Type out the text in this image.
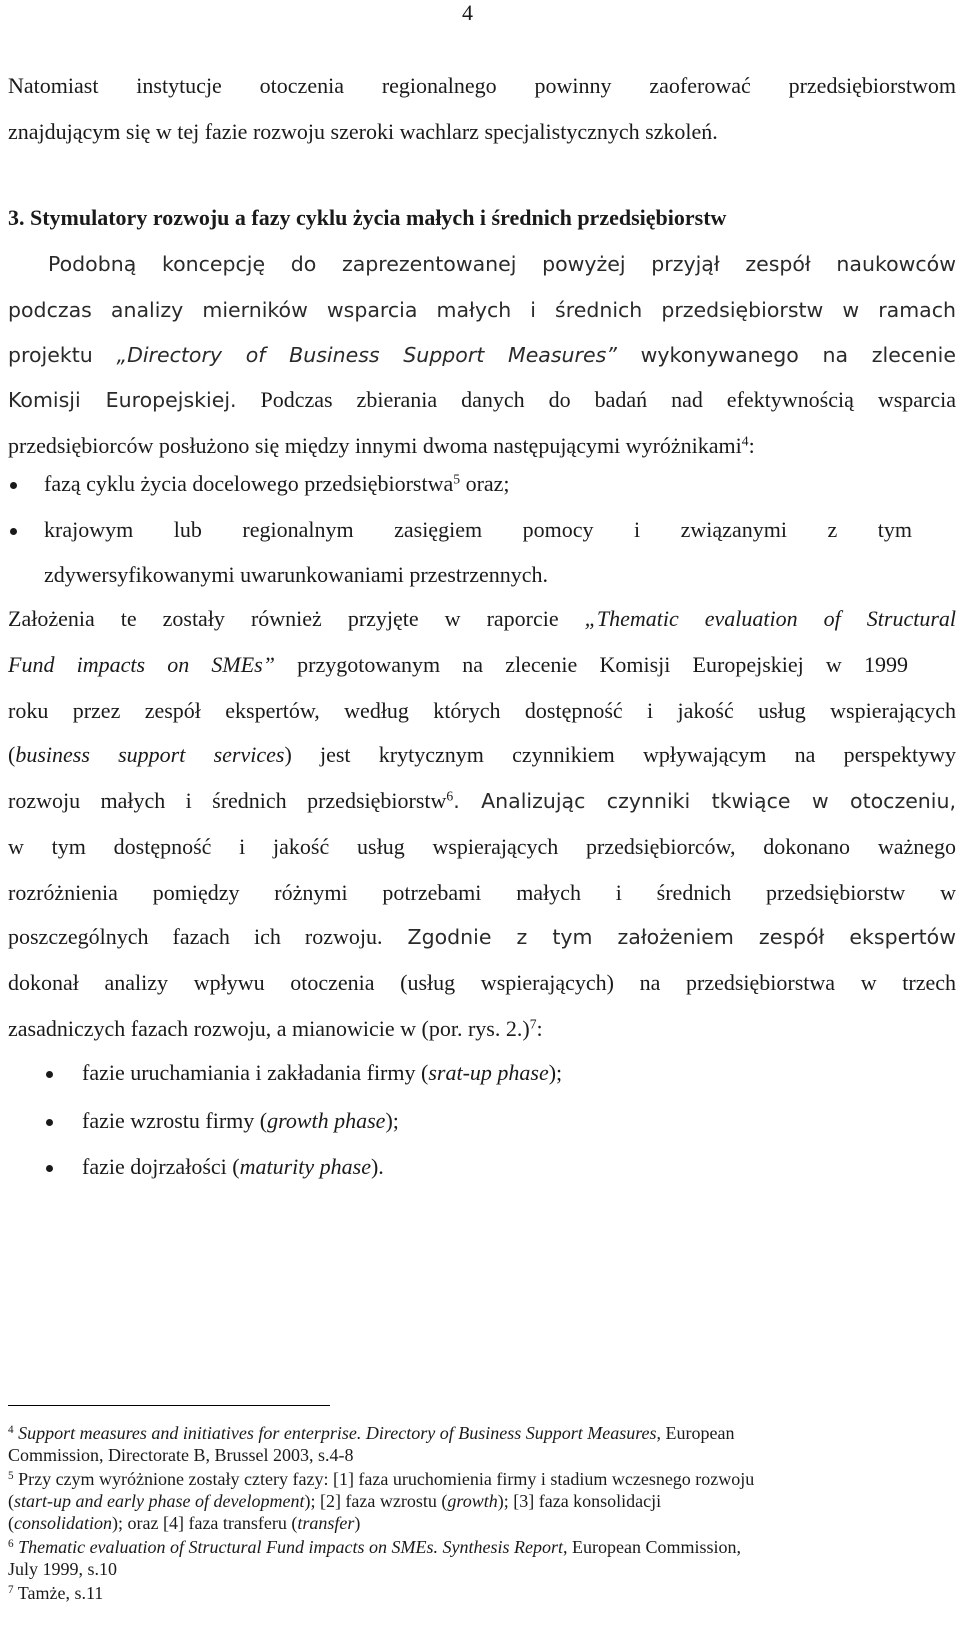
4
Natomiast instytucje otoczenia regionalnego powinny zaoferować przedsiębiorstwom
znajdującym się w tej fazie rozwoju szeroki wachlarz specjalistycznych szkoleń.
3. Stymulatory rozwoju a fazy cyklu życia małych i średnich przedsiębiorstw
Podobną koncepcję do zaprezentowanej powyżej przyjął zespół naukowców
podczas analizy mierników wsparcia małych i średnich przedsiębiorstw w ramach
projektu „Directory of Business Support Measures” wykonywanego na zlecenie
Komisji Europejskiej. Podczas zbierania danych do badań nad efektywnością wsparcia
przedsiębiorców posłużono się między innymi dwoma następującymi wyróżnikami$^4$:
fazą cyklu życia docelowego przedsiębiorstwa$^5$ oraz;
krajowym lub regionalnym zasięgiem pomocy i związanymi z tym
zdywersyfikowanymi uwarunkowaniami przestrzennych.
Założenia te zostały również przyjęte w raporcie „Thematic evaluation of Structural
Fund impacts on SMEs” przygotowanym na zlecenie Komisji Europejskiej w 1999
roku przez zespół ekspertów, według których dostępność i jakość usług wspierających
(business support services) jest krytycznym czynnikiem wpływającym na perspektywy
rozwoju małych i średnich przedsiębiorstw$^6$. Analizując czynniki tkwiące w otoczeniu,
w tym dostępność i jakość usług wspierających przedsiębiorców, dokonano ważnego
rozróżnienia pomiędzy różnymi potrzebami małych i średnich przedsiębiorstw w
poszczególnych fazach ich rozwoju. Zgodnie z tym założeniem zespół ekspertów
dokonał analizy wpływu otoczenia (usług wspierających) na przedsiębiorstwa w trzech
zasadniczych fazach rozwoju, a mianowicie w (por. rys. 2.)$^7$:
fazie uruchamiania i zakładania firmy (srat-up phase);
fazie wzrostu firmy (growth phase);
fazie dojrzałości (maturity phase).
$^4$ Support measures and initiatives for enterprise. Directory of Business Support Measures, European
Commission, Directorate B, Brussel 2003, s.4-8
$^5$ Przy czym wyróżnione zostały cztery fazy: [1] faza uruchomienia firmy i stadium wczesnego rozwoju
(start-up and early phase of development); [2] faza wzrostu (growth); [3] faza konsolidacji
(consolidation); oraz [4] faza transferu (transfer)
$^6$ Thematic evaluation of Structural Fund impacts on SMEs. Synthesis Report, European Commission,
July 1999, s.10
$^7$ Tamże, s.11
